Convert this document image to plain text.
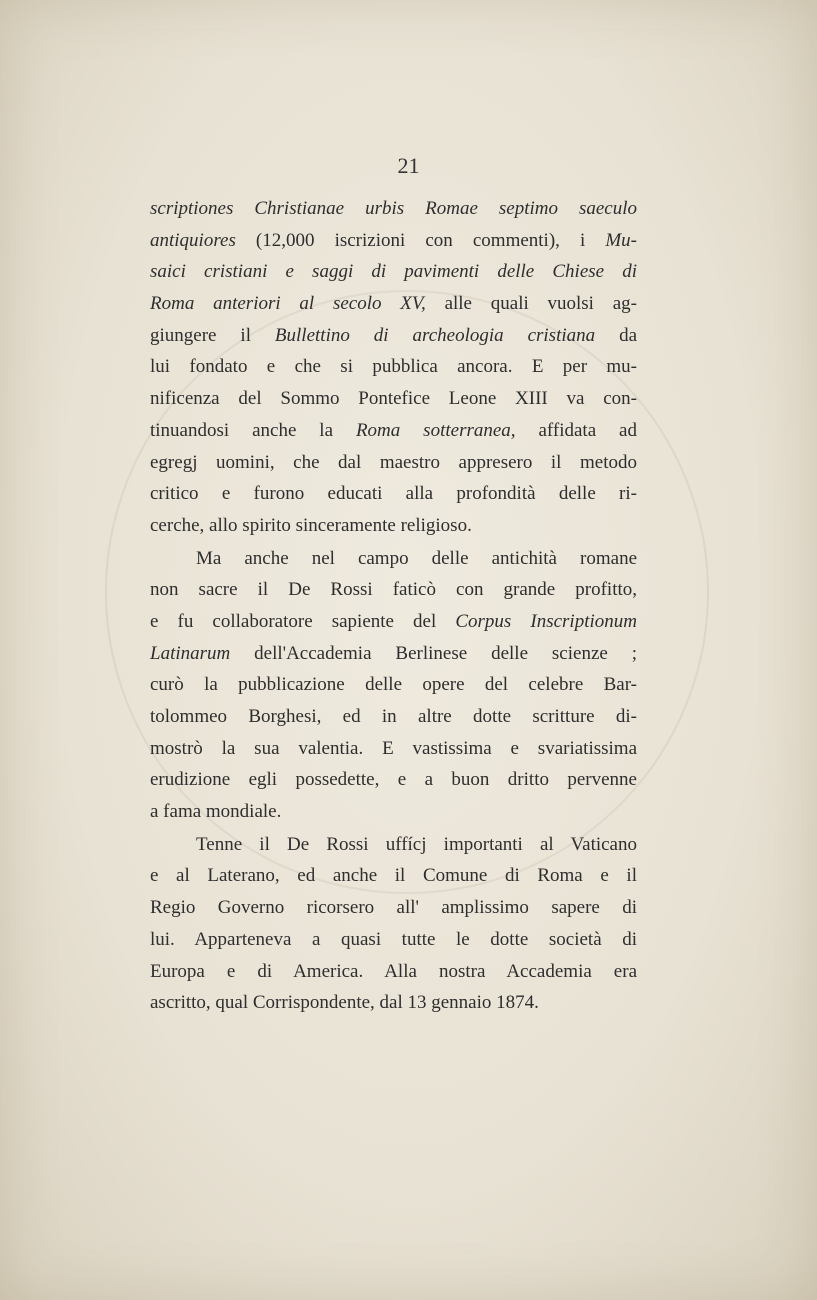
21
scriptiones Christianae urbis Romae septimo saeculo
antiquiores (12,000 iscrizioni con commenti), i Mu-
saici cristiani e saggi di pavimenti delle Chiese di
Roma anteriori al secolo XV, alle quali vuolsi ag-
giungere il Bullettino di archeologia cristiana da
lui fondato e che si pubblica ancora. E per mu-
nificenza del Sommo Pontefice Leone XIII va con-
tinuandosi anche la Roma sotterranea, affidata ad
egregj uomini, che dal maestro appresero il metodo
critico e furono educati alla profondità delle ri-
cerche, allo spirito sinceramente religioso.
Ma anche nel campo delle antichità romane
non sacre il De Rossi faticò con grande profitto,
e fu collaboratore sapiente del Corpus Inscriptionum
Latinarum dell'Accademia Berlinese delle scienze ;
curò la pubblicazione delle opere del celebre Bar-
tolommeo Borghesi, ed in altre dotte scritture di-
mostrò la sua valentia. E vastissima e svariatissima
erudizione egli possedette, e a buon dritto pervenne
a fama mondiale.
Tenne il De Rossi uffícj importanti al Vaticano
e al Laterano, ed anche il Comune di Roma e il
Regio Governo ricorsero all' amplissimo sapere di
lui. Apparteneva a quasi tutte le dotte società di
Europa e di America. Alla nostra Accademia era
ascritto, qual Corrispondente, dal 13 gennaio 1874.
